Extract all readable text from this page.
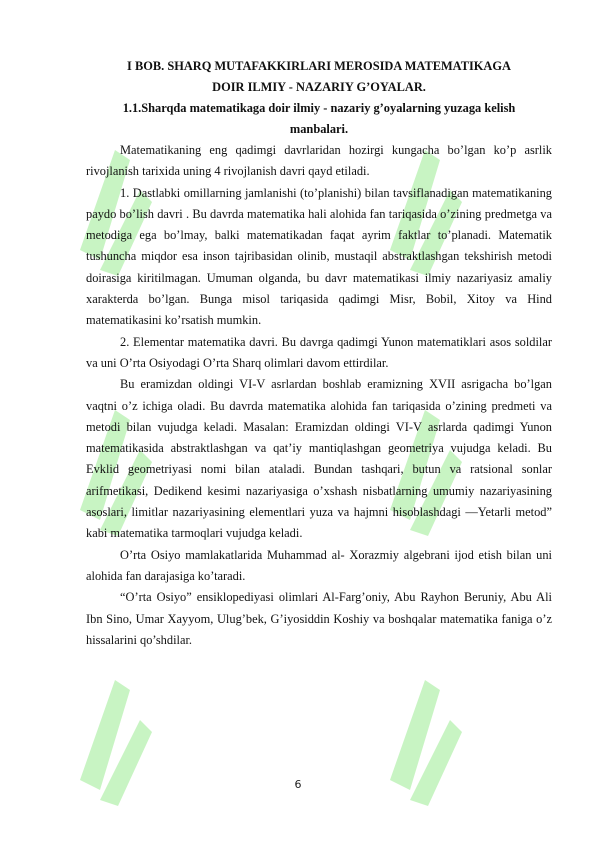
I BOB. SHARQ MUTAFAKKIRLARI MEROSIDA MATEMATIKAGA
DOIR ILMIY - NAZARIY G’OYALAR.
1.1.Sharqda matematikaga doir ilmiy - nazariy g’oyalarning yuzaga kelish
manbalari.

Matematikaning eng qadimgi davrlaridan hozirgi kungacha bo’lgan ko’p asrlik rivojlanish tarixida uning 4 rivojlanish davri qayd etiladi.

1. Dastlabki omillarning jamlanishi (to’planishi) bilan tavsiflanadigan matematikaning paydo bo’lish davri . Bu davrda matematika hali alohida fan tariqasida o’zining predmetga va metodiga ega bo’lmay, balki matematikadan faqat ayrim faktlar to’planadi. Matematik tushuncha miqdor esa inson tajribasidan olinib, mustaqil abstraktlashgan tekshirish metodi doirasiga kiritilmagan. Umuman olganda, bu davr matematikasi ilmiy nazariyasiz amaliy xarakterda bo’lgan. Bunga misol tariqasida qadimgi Misr, Bobil, Xitoy va Hind matematikasini ko’rsatish mumkin.

2. Elementar matematika davri. Bu davrga qadimgi Yunon matematiklari asos soldilar va uni O’rta Osiyodagi O’rta Sharq olimlari davom ettirdilar.

Bu eramizdan oldingi VI-V asrlardan boshlab eramizning XVII asrigacha bo’lgan vaqtni o’z ichiga oladi. Bu davrda matematika alohida fan tariqasida o’zining predmeti va metodi bilan vujudga keladi. Masalan: Eramizdan oldingi VI-V asrlarda qadimgi Yunon matematikasida abstraktlashgan va qat’iy mantiqlashgan geometriya vujudga keladi. Bu Evklid geometriyasi nomi bilan ataladi. Bundan tashqari, butun va ratsional sonlar arifmetikasi, Dedikend kesimi nazariyasiga o’xshash nisbatlarning umumiy nazariyasining asoslari, limitlar nazariyasining elementlari yuza va hajmni hisoblashdagi ―Yetarli metod” kabi matematika tarmoqlari vujudga keladi.

O’rta Osiyo mamlakatlarida Muhammad al- Xorazmiy algebrani ijod etish bilan uni alohida fan darajasiga ko’taradi.

“O’rta Osiyo” ensiklopediyasi olimlari Al-Farg’oniy, Abu Rayhon Beruniy, Abu Ali Ibn Sino, Umar Xayyom, Ulug’bek, G’iyosiddin Koshiy va boshqalar matematika faniga o’z hissalarini qo’shdilar.

6
